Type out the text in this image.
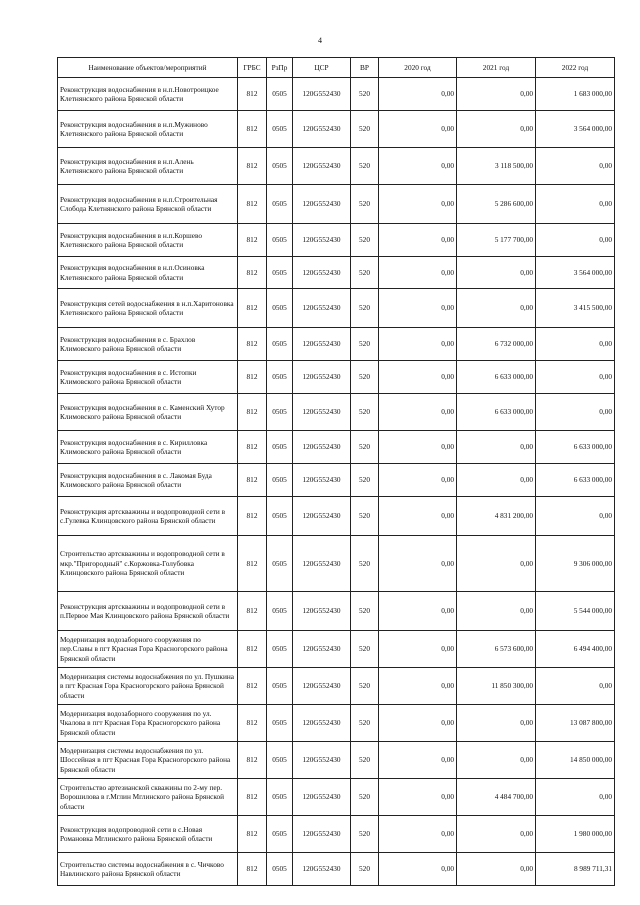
4
Наименование объектов/мероприятий	ГРБС	РзПр	ЦСР	ВР	2020 год	2021 год	2022 год
Реконструкция водоснабжения в н.п.Новотроицкое Клетнянского района Брянской области	812	0505	120G552430	520	0,00	0,00	1 683 000,00
Реконструкция водоснабжения в н.п.Мужиново Клетнянского района Брянской области	812	0505	120G552430	520	0,00	0,00	3 564 000,00
Реконструкция водоснабжения в н.п.Алень Клетнянского района Брянской области	812	0505	120G552430	520	0,00	3 118 500,00	0,00
Реконструкция водоснабжения в н.п.Строительная Слобода Клетнянского района Брянской области	812	0505	120G552430	520	0,00	5 286 600,00	0,00
Реконструкция водоснабжения в н.п.Коршево Клетнянского района Брянской области	812	0505	120G552430	520	0,00	5 177 700,00	0,00
Реконструкция водоснабжения в н.п.Осиновка Клетнянского района Брянской области	812	0505	120G552430	520	0,00	0,00	3 564 000,00
Реконструкция сетей водоснабжения в н.п.Харитоновка Клетнянского района Брянской области	812	0505	120G552430	520	0,00	0,00	3 415 500,00
Реконструкция водоснабжения в с. Брахлов Климовского района Брянской области	812	0505	120G552430	520	0,00	6 732 000,00	0,00
Реконструкция водоснабжения в с. Истопки Климовского района Брянской области	812	0505	120G552430	520	0,00	6 633 000,00	0,00
Реконструкция водоснабжения в с. Каменский Хутор Климовского района Брянской области	812	0505	120G552430	520	0,00	6 633 000,00	0,00
Реконструкция водоснабжения в с. Кирилловка Климовского района Брянской области	812	0505	120G552430	520	0,00	0,00	6 633 000,00
Реконструкция водоснабжения в с. Лакомая Буда Климовского района Брянской области	812	0505	120G552430	520	0,00	0,00	6 633 000,00
Реконструкция артскважины и водопроводной сети в с.Гулевка Клинцовского района Брянской области	812	0505	120G552430	520	0,00	4 831 200,00	0,00
Строительство артскважины и водопроводной сети в мкр."Пригородный" с.Коржовка-Голубовка Клинцовского района Брянской области	812	0505	120G552430	520	0,00	0,00	9 306 000,00
Реконструкция артскважины и водопроводной сети в п.Первое Мая Клинцовского района Брянской области	812	0505	120G552430	520	0,00	0,00	5 544 000,00
Модернизация водозаборного сооружения по пер.Славы в пгт Красная Гора Красногорского района Брянской области	812	0505	120G552430	520	0,00	6 573 600,00	6 494 400,00
Модернизация системы водоснабжения по ул. Пушкина в пгт Красная Гора Красногорского района Брянской области	812	0505	120G552430	520	0,00	11 850 300,00	0,00
Модернизация водозаборного сооружения по ул. Чкалова в пгт Красная Гора Красногорского района Брянской области	812	0505	120G552430	520	0,00	0,00	13 087 800,00
Модернизация системы водоснабжения по ул. Шоссейная в пгт Красная Гора Красногорского района Брянской области	812	0505	120G552430	520	0,00	0,00	14 850 000,00
Строительство артезианской скважины по 2-му пер. Ворошилова в г.Мглин Мглинского района Брянской области	812	0505	120G552430	520	0,00	4 484 700,00	0,00
Реконструкция водопроводной сети в с.Новая Романовка Мглинского района Брянской области	812	0505	120G552430	520	0,00	0,00	1 980 000,00
Строительство системы водоснабжения в с. Чичково Навлинского района Брянской области	812	0505	120G552430	520	0,00	0,00	8 989 711,31
